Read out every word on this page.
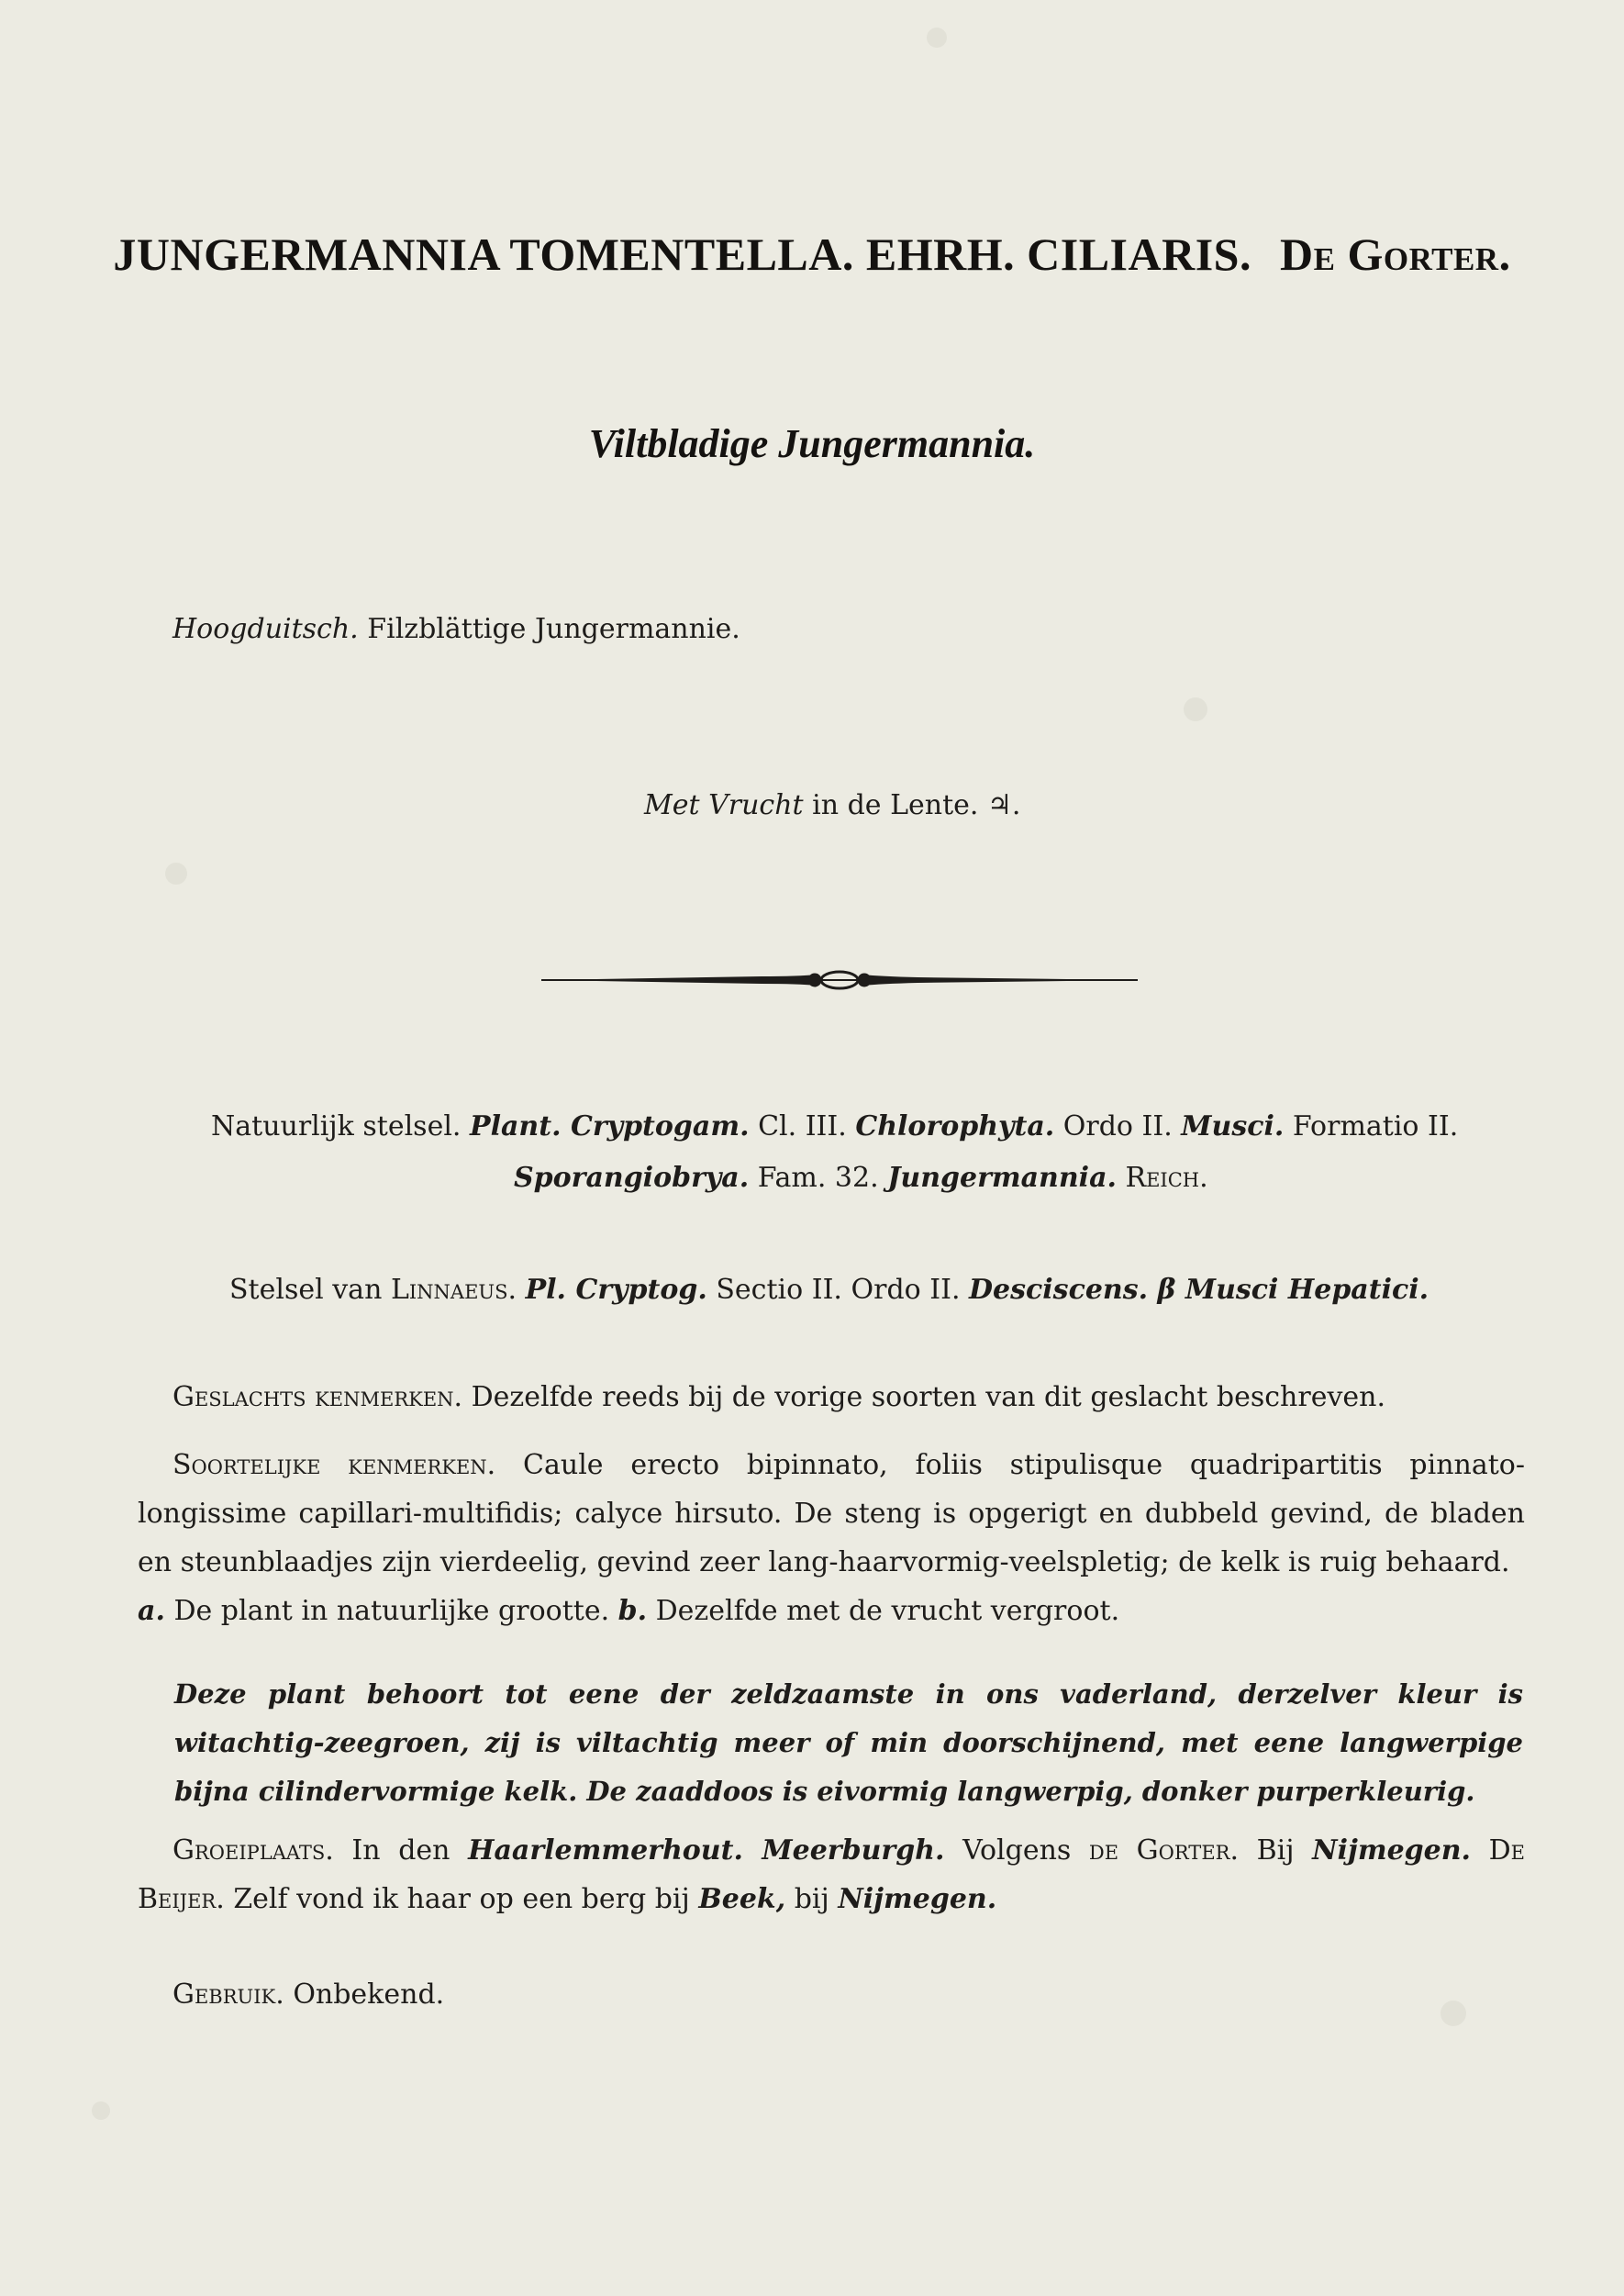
JUNGERMANNIA TOMENTELLA. EHRH. CILIARIS. De Gorter.
Viltbladige Jungermannia.
Hoogduitsch. Filzblättige Jungermannie.
Met Vrucht in de Lente. ♃.
Natuurlijk stelsel. Plant. Cryptogam. Cl. III. Chlorophyta. Ordo II. Musci. Formatio II.
Sporangiobrya. Fam. 32. Jungermannia. Reich.
Stelsel van Linnaeus. Pl. Cryptog. Sectio II. Ordo II. Desciscens. β Musci Hepatici.
Geslachts kenmerken. Dezelfde reeds bij de vorige soorten van dit geslacht beschreven.
Soortelijke kenmerken. Caule erecto bipinnato, foliis stipulisque quadripartitis pinnato-longissime capillari-multifidis; calyce hirsuto. De steng is opgerigt en dubbeld gevind, de bladen en steunblaadjes zijn vierdeelig, gevind zeer lang-haarvormig-veelspletig; de kelk is ruig behaard.
a. De plant in natuurlijke grootte. b. Dezelfde met de vrucht vergroot.
Deze plant behoort tot eene der zeldzaamste in ons vaderland, derzelver kleur is witachtig-zeegroen, zij is viltachtig meer of min doorschijnend, met eene langwerpige bijna cilindervormige kelk. De zaaddoos is eivormig langwerpig, donker purperkleurig.
Groeiplaats. In den Haarlemmerhout. Meerburgh. Volgens de Gorter. Bij Nijmegen. De Beijer. Zelf vond ik haar op een berg bij Beek, bij Nijmegen.
Gebruik. Onbekend.
